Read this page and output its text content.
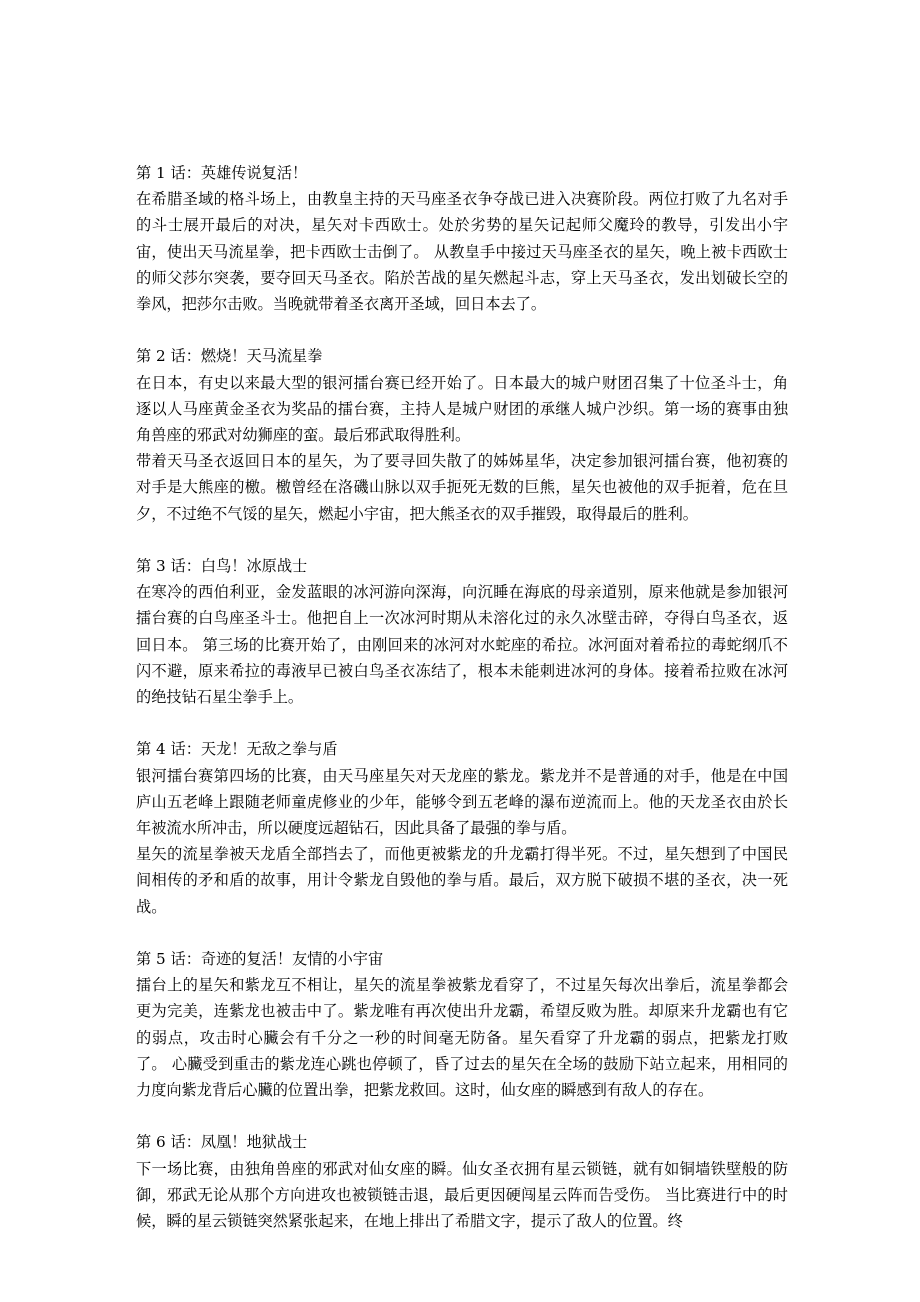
第 1 话：英雄传说复活！

在希腊圣域的格斗场上，由教皇主持的天马座圣衣争夺战已进入决赛阶段。两位打败了九名对手的斗士展开最后的对决，星矢对卡西欧士。处於劣势的星矢记起师父魔玲的教导，引发出小宇宙，使出天马流星拳，把卡西欧士击倒了。 从教皇手中接过天马座圣衣的星矢，晚上被卡西欧士的师父莎尔突袭，要夺回天马圣衣。陷於苦战的星矢燃起斗志，穿上天马圣衣，发出划破长空的拳风，把莎尔击败。当晚就带着圣衣离开圣域，回日本去了。

第 2 话：燃烧！天马流星拳

在日本，有史以来最大型的银河擂台赛已经开始了。日本最大的城户财团召集了十位圣斗士，角逐以人马座黄金圣衣为奖品的擂台赛，主持人是城户财团的承继人城户沙织。第一场的赛事由独角兽座的邪武对幼狮座的蛮。最后邪武取得胜利。

带着天马圣衣返回日本的星矢，为了要寻回失散了的姊姊星华，决定参加银河擂台赛，他初赛的对手是大熊座的檄。檄曾经在洛磯山脉以双手扼死无数的巨熊，星矢也被他的双手扼着，危在旦夕，不过绝不气馁的星矢，燃起小宇宙，把大熊圣衣的双手摧毁，取得最后的胜利。

第 3 话：白鸟！冰原战士

在寒冷的西伯利亚，金发蓝眼的冰河游向深海，向沉睡在海底的母亲道别，原来他就是参加银河擂台赛的白鸟座圣斗士。他把自上一次冰河时期从未溶化过的永久冰壁击碎，夺得白鸟圣衣，返回日本。 第三场的比赛开始了，由刚回来的冰河对水蛇座的希拉。冰河面对着希拉的毒蛇纲爪不闪不避，原来希拉的毒液早已被白鸟圣衣冻结了，根本未能刺进冰河的身体。接着希拉败在冰河的绝技钻石星尘拳手上。

第 4 话：天龙！无敌之拳与盾

银河擂台赛第四场的比赛，由天马座星矢对天龙座的紫龙。紫龙并不是普通的对手，他是在中国庐山五老峰上跟随老师童虎修业的少年，能够令到五老峰的瀑布逆流而上。他的天龙圣衣由於长年被流水所冲击，所以硬度远超钻石，因此具备了最强的拳与盾。

星矢的流星拳被天龙盾全部挡去了，而他更被紫龙的升龙霸打得半死。不过，星矢想到了中国民间相传的矛和盾的故事，用计令紫龙自毁他的拳与盾。最后，双方脱下破损不堪的圣衣，决一死战。

第 5 话：奇迹的复活！友情的小宇宙

擂台上的星矢和紫龙互不相让，星矢的流星拳被紫龙看穿了，不过星矢每次出拳后，流星拳都会更为完美，连紫龙也被击中了。紫龙唯有再次使出升龙霸，希望反败为胜。却原来升龙霸也有它的弱点，攻击时心臟会有千分之一秒的时间毫无防备。星矢看穿了升龙霸的弱点，把紫龙打败了。 心臟受到重击的紫龙连心跳也停顿了，昏了过去的星矢在全场的鼓励下站立起来，用相同的力度向紫龙背后心臟的位置出拳，把紫龙救回。这时，仙女座的瞬感到有敌人的存在。

第 6 话：凤凰！地狱战士

下一场比赛，由独角兽座的邪武对仙女座的瞬。仙女圣衣拥有星云锁链，就有如铜墙铁壁般的防御，邪武无论从那个方向进攻也被锁链击退，最后更因硬闯星云阵而告受伤。 当比赛进行中的时候，瞬的星云锁链突然紧张起来，在地上排出了希腊文字，提示了敌人的位置。终
